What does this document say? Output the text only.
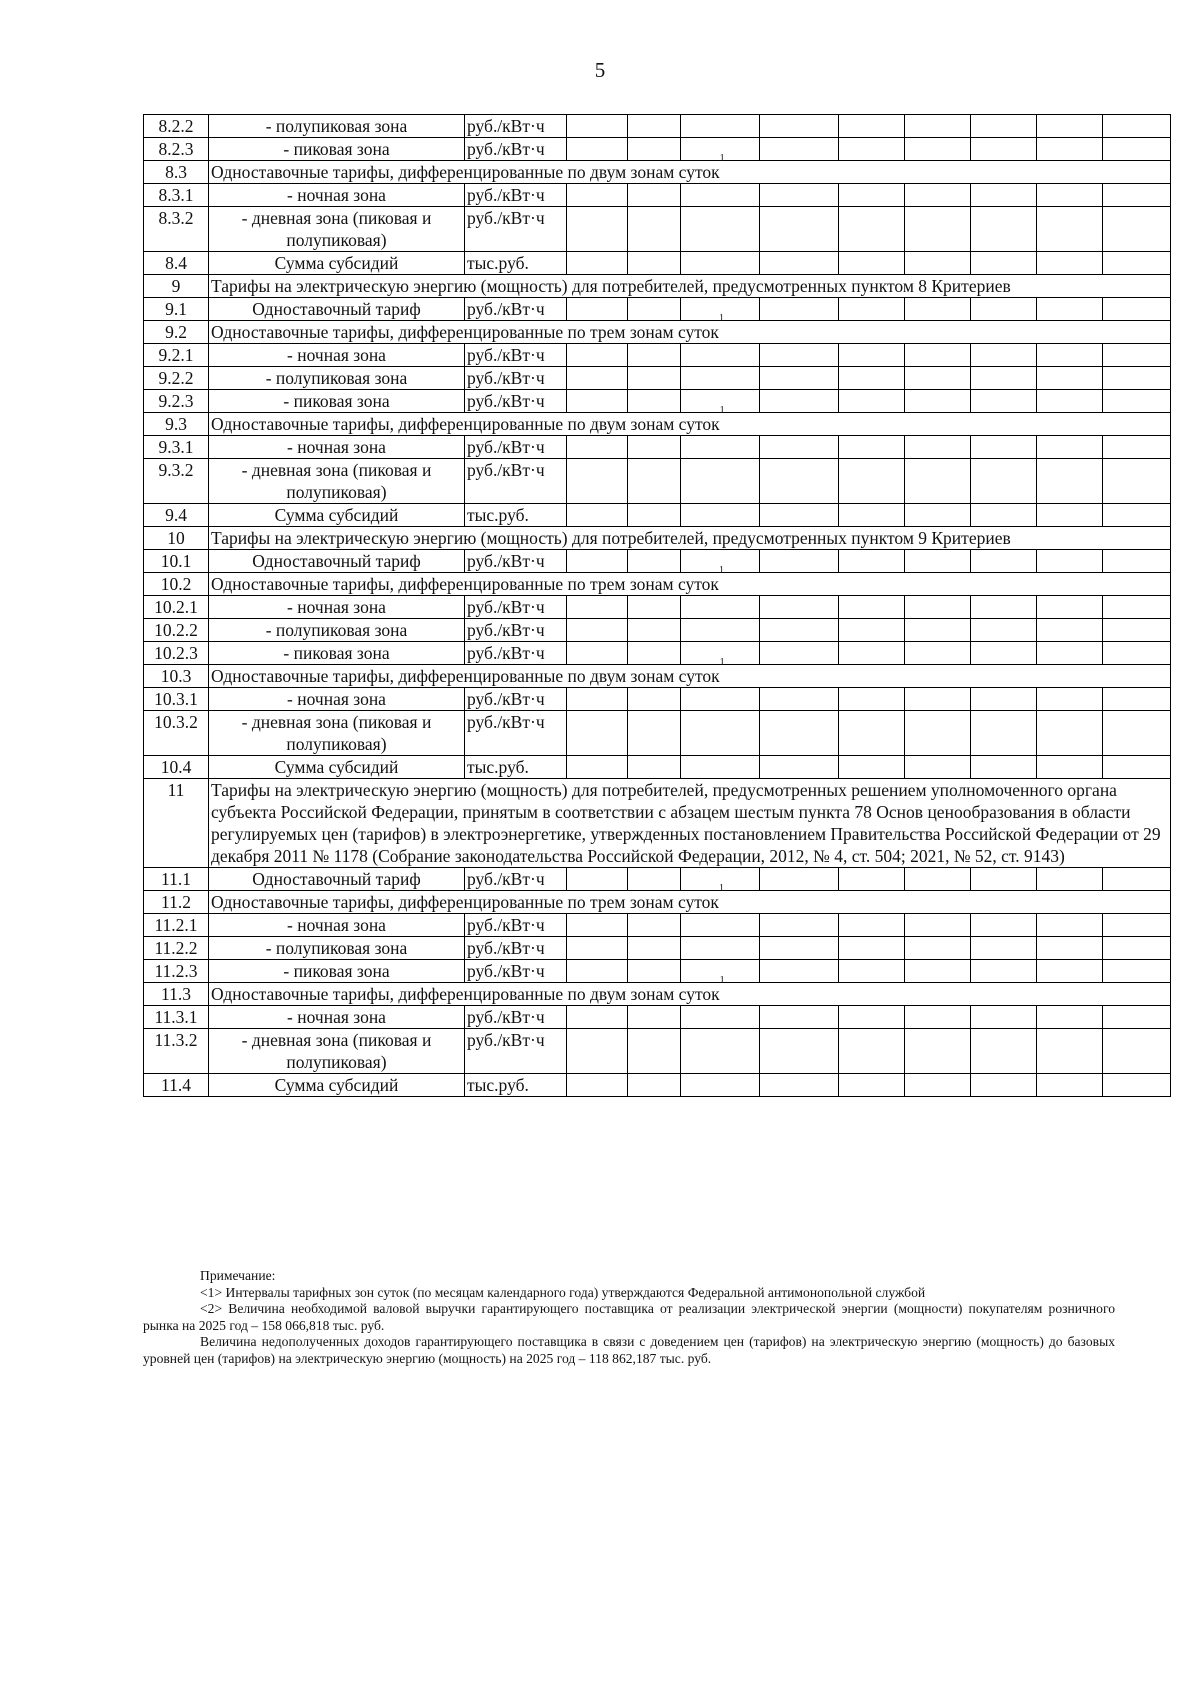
5
8.2.2	- полупиковая зона	руб./кВт·ч									
8.2.3	- пиковая зона	руб./кВт·ч									
8.3	Одноставочные тарифы, дифференцированные по двум зонам суток$^1$
8.3.1	- ночная зона	руб./кВт·ч									
8.3.2	- дневная зона (пиковая и полупиковая)	руб./кВт·ч									
8.4	Сумма субсидий	тыс.руб.									
9	Тарифы на электрическую энергию (мощность) для потребителей, предусмотренных пунктом 8 Критериев										
9.1	Одноставочный тариф	руб./кВт·ч									
9.2	Одноставочные тарифы, дифференцированные по трем зонам суток$^1$
9.2.1	- ночная зона	руб./кВт·ч									
9.2.2	- полупиковая зона	руб./кВт·ч									
9.2.3	- пиковая зона	руб./кВт·ч									
9.3	Одноставочные тарифы, дифференцированные по двум зонам суток$^1$
9.3.1	- ночная зона	руб./кВт·ч									
9.3.2	- дневная зона (пиковая и полупиковая)	руб./кВт·ч									
9.4	Сумма субсидий	тыс.руб.									
10	Тарифы на электрическую энергию (мощность) для потребителей, предусмотренных пунктом 9 Критериев										
10.1	Одноставочный тариф	руб./кВт·ч									
10.2	Одноставочные тарифы, дифференцированные по трем зонам суток$^1$
10.2.1	- ночная зона	руб./кВт·ч									
10.2.2	- полупиковая зона	руб./кВт·ч									
10.2.3	- пиковая зона	руб./кВт·ч									
10.3	Одноставочные тарифы, дифференцированные по двум зонам суток$^1$
10.3.1	- ночная зона	руб./кВт·ч									
10.3.2	- дневная зона (пиковая и полупиковая)	руб./кВт·ч									
10.4	Сумма субсидий	тыс.руб.									
11	Тарифы на электрическую энергию (мощность) для потребителей, предусмотренных решением уполномоченного органа субъекта Российской Федерации, принятым в соответствии с абзацем шестым пункта 78 Основ ценообразования в области регулируемых цен (тарифов) в электроэнергетике, утвержденных постановлением Правительства Российской Федерации от 29 декабря 2011 № 1178 (Собрание законодательства Российской Федерации, 2012, № 4, ст. 504; 2021, № 52, ст. 9143)										
11.1	Одноставочный тариф	руб./кВт·ч									
11.2	Одноставочные тарифы, дифференцированные по трем зонам суток$^1$
11.2.1	- ночная зона	руб./кВт·ч									
11.2.2	- полупиковая зона	руб./кВт·ч									
11.2.3	- пиковая зона	руб./кВт·ч									
11.3	Одноставочные тарифы, дифференцированные по двум зонам суток$^1$
11.3.1	- ночная зона	руб./кВт·ч									
11.3.2	- дневная зона (пиковая и полупиковая)	руб./кВт·ч									
11.4	Сумма субсидий	тыс.руб.									

Примечание:

<1> Интервалы тарифных зон суток (по месяцам календарного года) утверждаются Федеральной антимонопольной службой

<2> Величина необходимой валовой выручки гарантирующего поставщика от реализации электрической энергии (мощности) покупателям розничного рынка на 2025 год – 158 066,818 тыс. руб.

Величина недополученных доходов гарантирующего поставщика в связи с доведением цен (тарифов) на электрическую энергию (мощность) до базовых уровней цен (тарифов) на электрическую энергию (мощность) на 2025 год – 118 862,187 тыс. руб.
